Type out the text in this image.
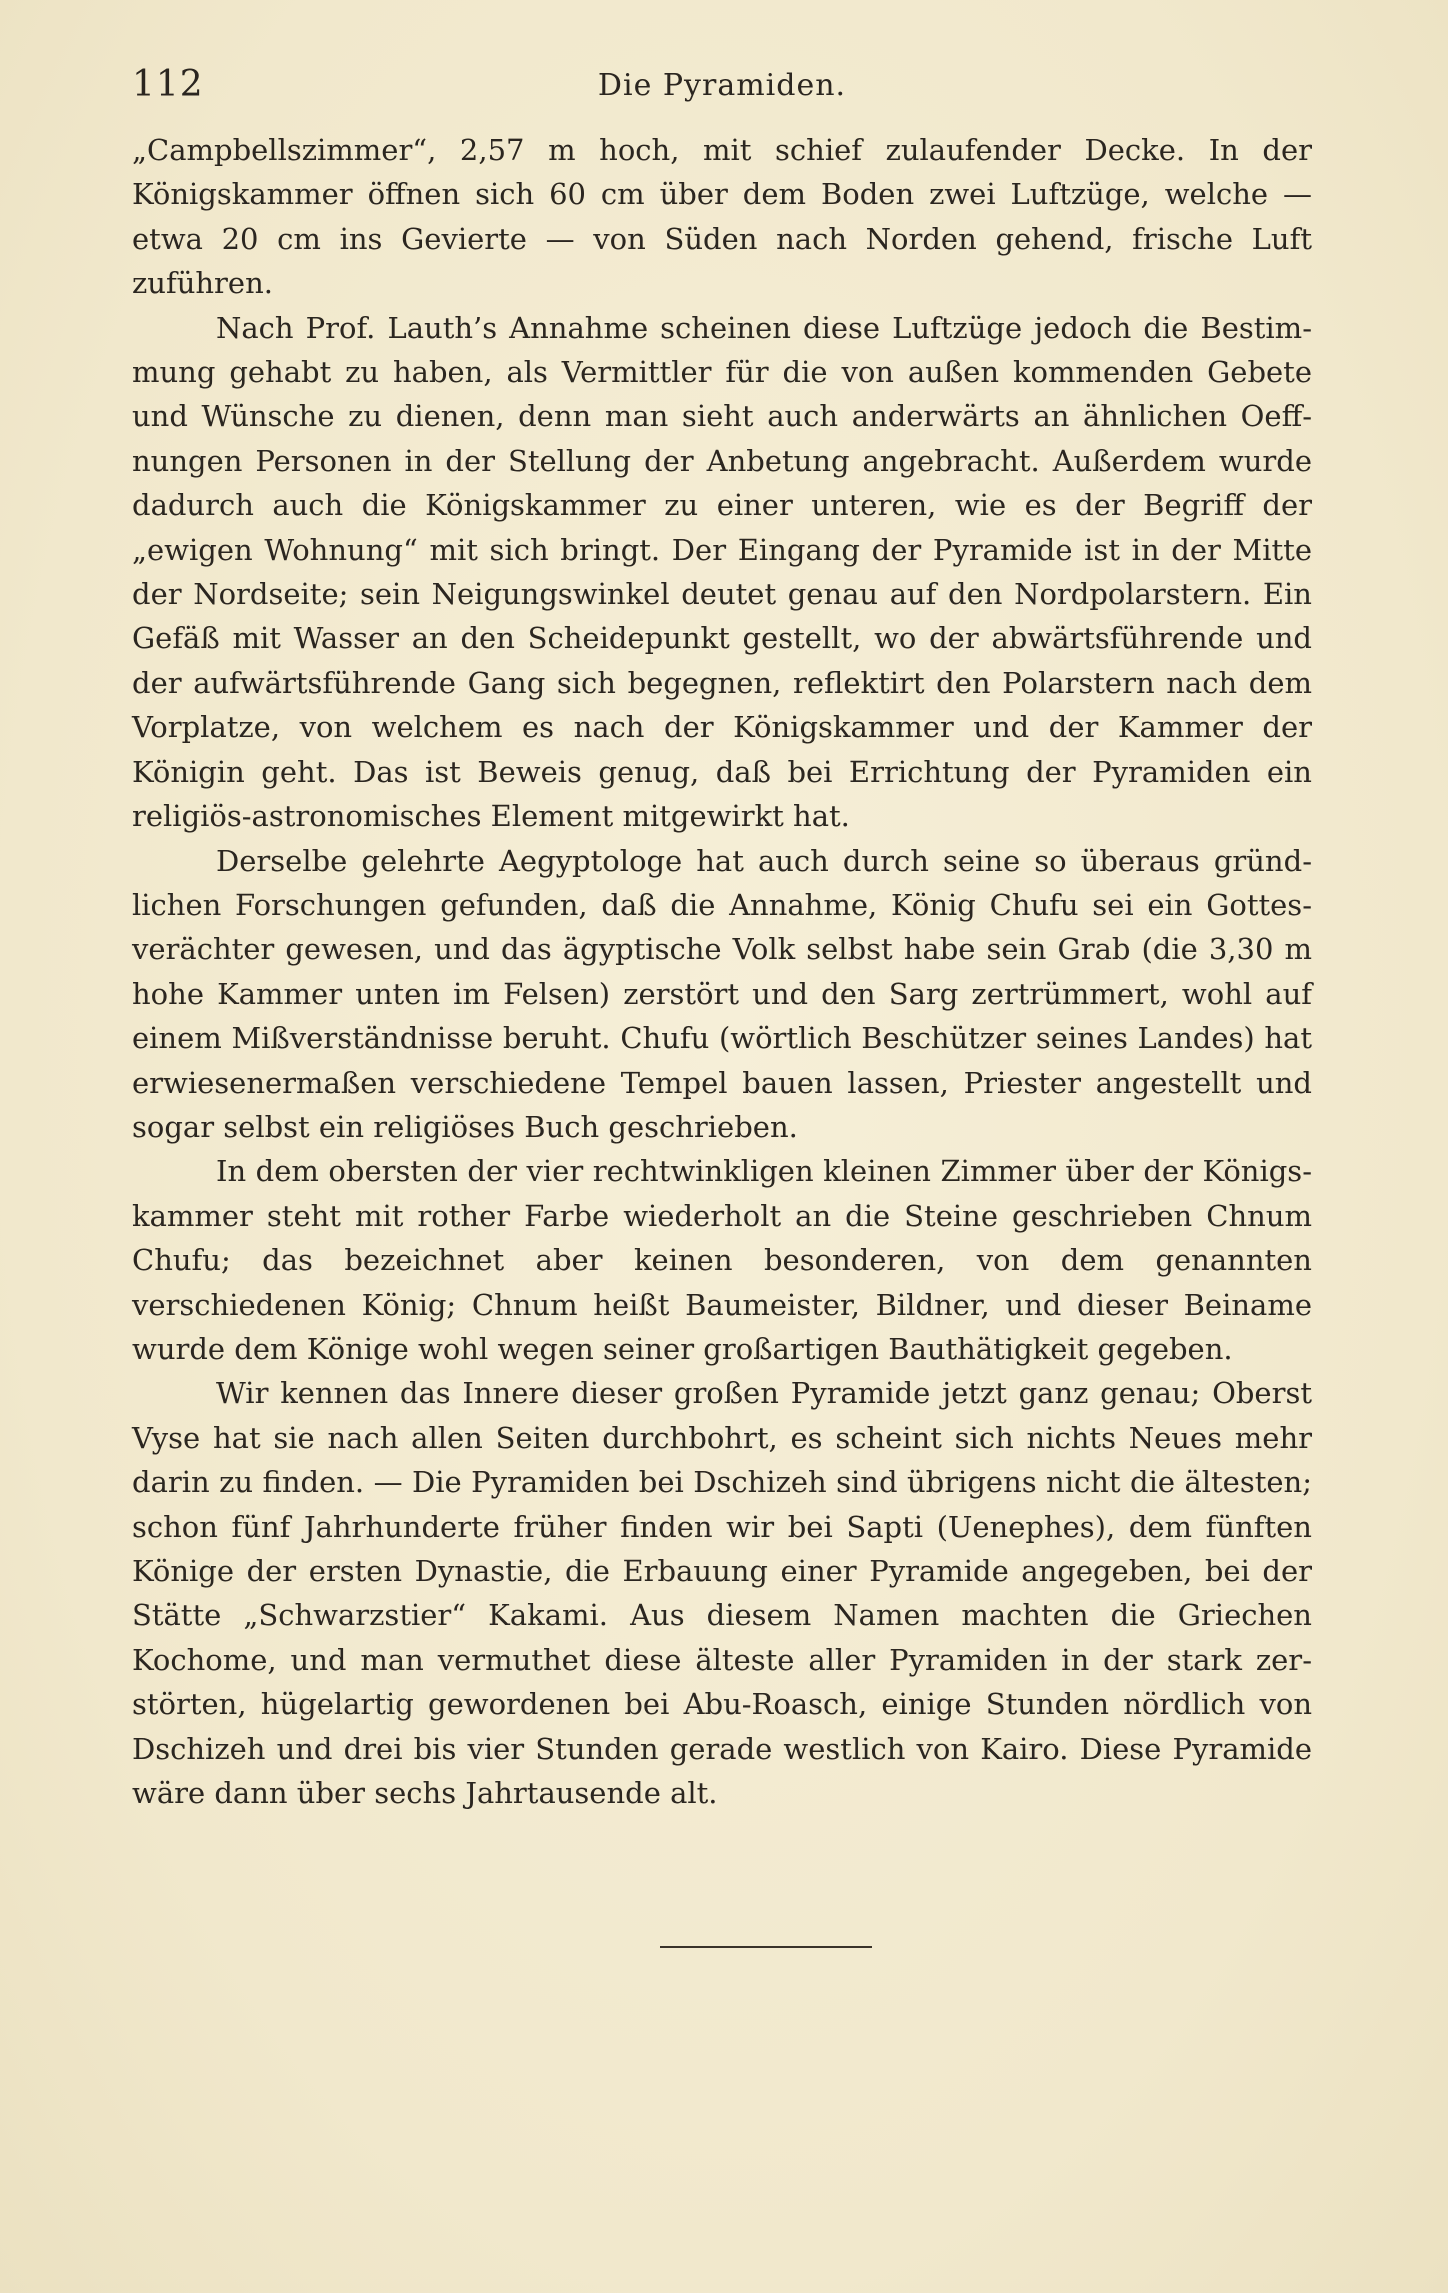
112	Die Pyramiden.

„Campbellszimmer“, 2,57 m hoch, mit schief zulaufender Decke. In der Königskammer öffnen sich 60 cm über dem Boden zwei Luftzüge, welche — etwa 20 cm ins Gevierte — von Süden nach Norden gehend, frische Luft zuführen.

Nach Prof. Lauth’s Annahme scheinen diese Luftzüge jedoch die Bestimmung gehabt zu haben, als Vermittler für die von außen kommenden Gebete und Wünsche zu dienen, denn man sieht auch anderwärts an ähnlichen Oeffnungen Personen in der Stellung der Anbetung angebracht. Außerdem wurde dadurch auch die Königskammer zu einer unteren, wie es der Begriff der „ewigen Wohnung“ mit sich bringt. Der Eingang der Pyramide ist in der Mitte der Nordseite; sein Neigungswinkel deutet genau auf den Nordpolarstern. Ein Gefäß mit Wasser an den Scheidepunkt gestellt, wo der abwärtsführende und der aufwärtsführende Gang sich begegnen, reflektirt den Polarstern nach dem Vorplatze, von welchem es nach der Königskammer und der Kammer der Königin geht. Das ist Beweis genug, daß bei Errichtung der Pyramiden ein religiös-astronomisches Element mitgewirkt hat.

Derselbe gelehrte Aegyptologe hat auch durch seine so überaus gründlichen Forschungen gefunden, daß die Annahme, König Chufu sei ein Gottesverächter gewesen, und das ägyptische Volk selbst habe sein Grab (die 3,30 m hohe Kammer unten im Felsen) zerstört und den Sarg zertrümmert, wohl auf einem Mißverständnisse beruht. Chufu (wörtlich Beschützer seines Landes) hat erwiesenermaßen verschiedene Tempel bauen lassen, Priester angestellt und sogar selbst ein religiöses Buch geschrieben.

In dem obersten der vier rechtwinkligen kleinen Zimmer über der Königskammer steht mit rother Farbe wiederholt an die Steine geschrieben Chnum Chufu; das bezeichnet aber keinen besonderen, von dem genannten verschiedenen König; Chnum heißt Baumeister, Bildner, und dieser Beiname wurde dem Könige wohl wegen seiner großartigen Bauthätigkeit gegeben.

Wir kennen das Innere dieser großen Pyramide jetzt ganz genau; Oberst Vyse hat sie nach allen Seiten durchbohrt, es scheint sich nichts Neues mehr darin zu finden. — Die Pyramiden bei Dschizeh sind übrigens nicht die ältesten; schon fünf Jahrhunderte früher finden wir bei Sapti (Uenephes), dem fünften Könige der ersten Dynastie, die Erbauung einer Pyramide angegeben, bei der Stätte „Schwarzstier“ Kakami. Aus diesem Namen machten die Griechen Kochome, und man vermuthet diese älteste aller Pyramiden in der stark zerstörten, hügelartig gewordenen bei Abu-Roasch, einige Stunden nördlich von Dschizeh und drei bis vier Stunden gerade westlich von Kairo. Diese Pyramide wäre dann über sechs Jahrtausende alt.
